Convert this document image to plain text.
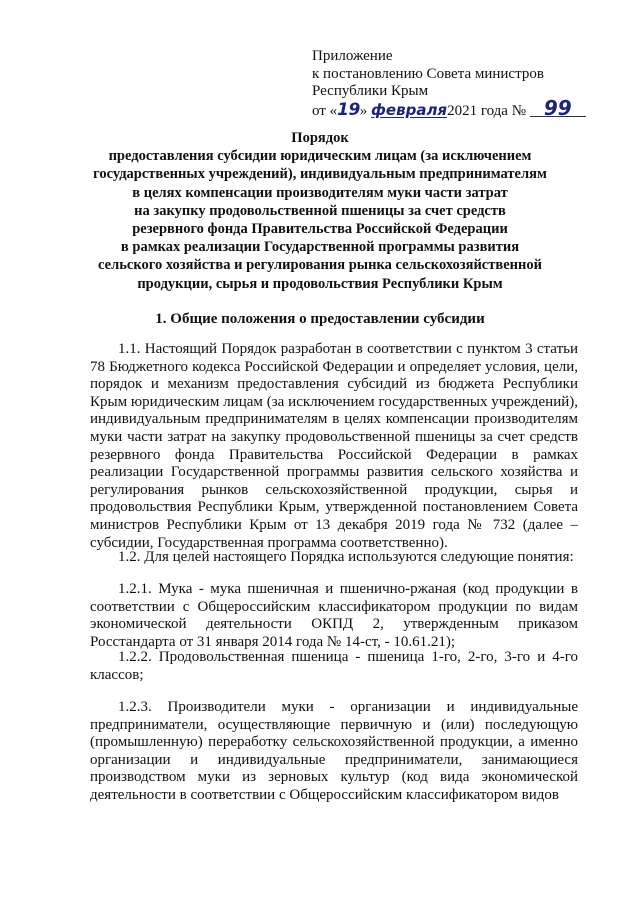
Приложение
к постановлению Совета министров
Республики Крым
от «19» февраля2021 года № 99
Порядок
предоставления субсидии юридическим лицам (за исключением
государственных учреждений), индивидуальным предпринимателям
в целях компенсации производителям муки части затрат
на закупку продовольственной пшеницы за счет средств
резервного фонда Правительства Российской Федерации
в рамках реализации Государственной программы развития
сельского хозяйства и регулирования рынка сельскохозяйственной
продукции, сырья и продовольствия Республики Крым
1. Общие положения о предоставлении субсидии
1.1. Настоящий Порядок разработан в соответствии с пунктом 3 статьи 78 Бюджетного кодекса Российской Федерации и определяет условия, цели, порядок и механизм предоставления субсидий из бюджета Республики Крым юридическим лицам (за исключением государственных учреждений), индивидуальным предпринимателям в целях компенсации производителям муки части затрат на закупку продовольственной пшеницы за счет средств резервного фонда Правительства Российской Федерации в рамках реализации Государственной программы развития сельского хозяйства и регулирования рынков сельскохозяйственной продукции, сырья и продовольствия Республики Крым, утвержденной постановлением Совета министров Республики Крым от 13 декабря 2019 года № 732 (далее – субсидии, Государственная программа соответственно).
1.2. Для целей настоящего Порядка используются следующие понятия:
1.2.1. Мука - мука пшеничная и пшенично-ржаная (код продукции в соответствии с Общероссийским классификатором продукции по видам экономической деятельности ОКПД 2, утвержденным приказом Росстандарта от 31 января 2014 года № 14-ст, - 10.61.21);
1.2.2. Продовольственная пшеница - пшеница 1-го, 2-го, 3-го и 4-го классов;
1.2.3. Производители муки - организации и индивидуальные предприниматели, осуществляющие первичную и (или) последующую (промышленную) переработку сельскохозяйственной продукции, а именно организации и индивидуальные предприниматели, занимающиеся производством муки из зерновых культур (код вида экономической деятельности в соответствии с Общероссийским классификатором видов
